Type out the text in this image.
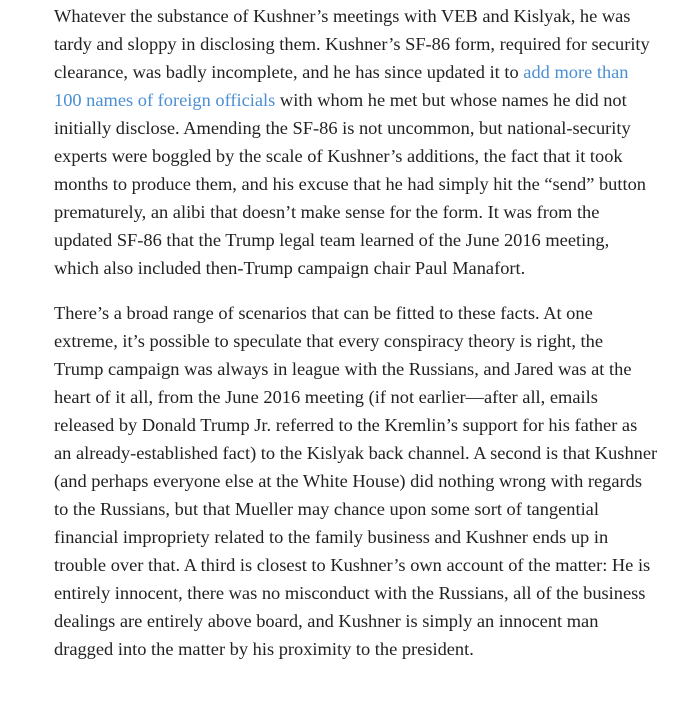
Whatever the substance of Kushner’s meetings with VEB and Kislyak, he was
tardy and sloppy in disclosing them. Kushner’s SF-86 form, required for security
clearance, was badly incomplete, and he has since updated it to add more than
100 names of foreign officials with whom he met but whose names he did not
initially disclose. Amending the SF-86 is not uncommon, but national-security
experts were boggled by the scale of Kushner’s additions, the fact that it took
months to produce them, and his excuse that he had simply hit the “send” button
prematurely, an alibi that doesn’t make sense for the form. It was from the
updated SF-86 that the Trump legal team learned of the June 2016 meeting,
which also included then-Trump campaign chair Paul Manafort.

There’s a broad range of scenarios that can be fitted to these facts. At one
extreme, it’s possible to speculate that every conspiracy theory is right, the
Trump campaign was always in league with the Russians, and Jared was at the
heart of it all, from the June 2016 meeting (if not earlier—after all, emails
released by Donald Trump Jr. referred to the Kremlin’s support for his father as
an already-established fact) to the Kislyak back channel. A second is that Kushner
(and perhaps everyone else at the White House) did nothing wrong with regards
to the Russians, but that Mueller may chance upon some sort of tangential
financial impropriety related to the family business and Kushner ends up in
trouble over that. A third is closest to Kushner’s own account of the matter: He is
entirely innocent, there was no misconduct with the Russians, all of the business
dealings are entirely above board, and Kushner is simply an innocent man
dragged into the matter by his proximity to the president.
